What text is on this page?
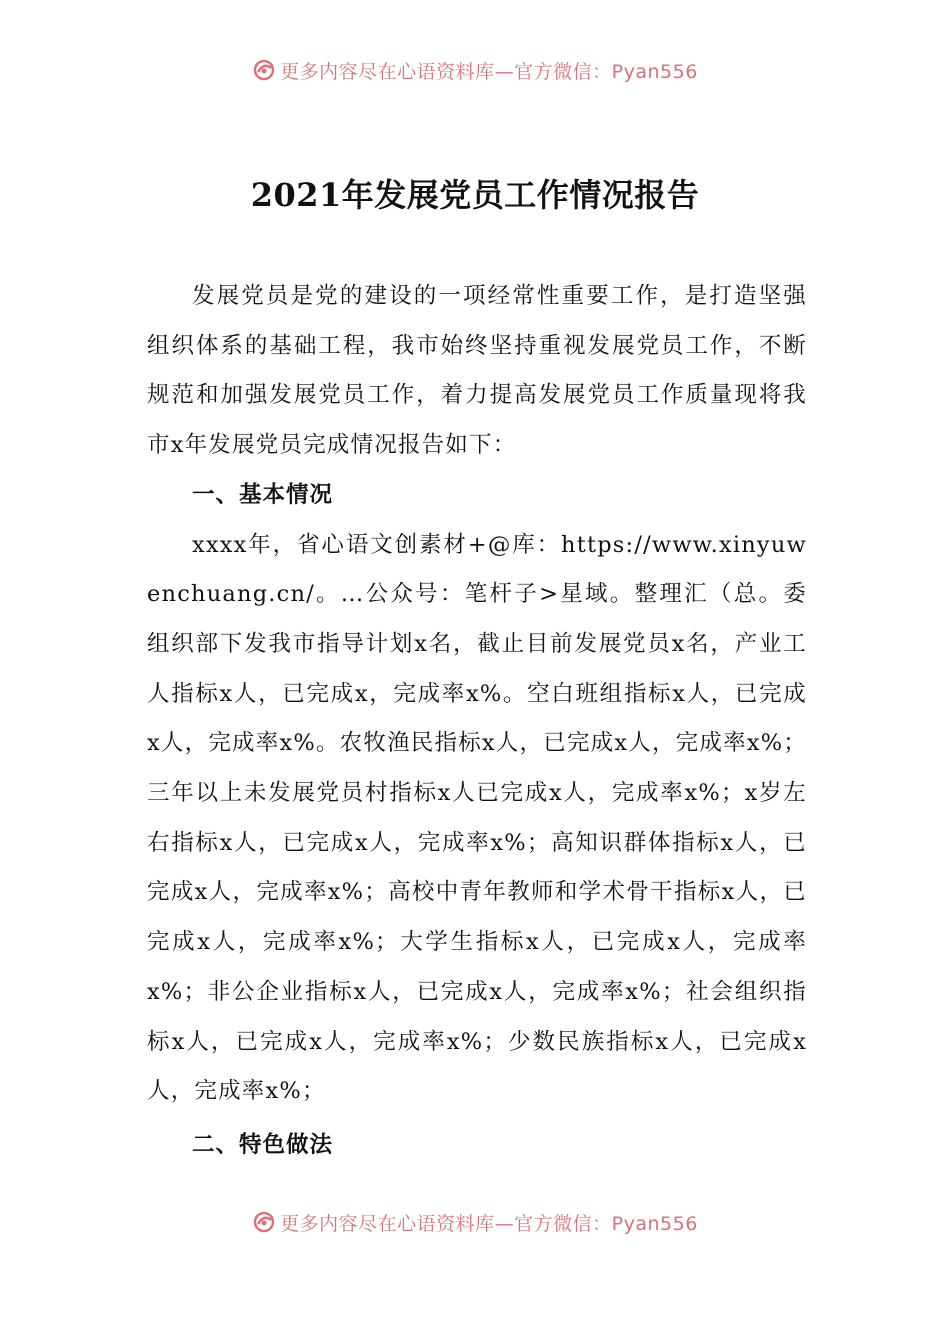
更多内容尽在心语资料库—官方微信：Pyan556
2021年发展党员工作情况报告

发展党员是党的建设的一项经常性重要工作，是打造坚强组织体系的基础工程，我市始终坚持重视发展党员工作，不断规范和加强发展党员工作，着力提高发展党员工作质量现将我市x年发展党员完成情况报告如下：

一、基本情况

xxxx年，省心语文创素材+@库：https://www.xinyuwenchuang.cn/。…公众号：笔杆子>星域。整理汇（总。委组织部下发我市指导计划x名，截止目前发展党员x名，产业工人指标x人，已完成x，完成率x%。空白班组指标x人，已完成x人，完成率x%。农牧渔民指标x人，已完成x人，完成率x%；三年以上未发展党员村指标x人已完成x人，完成率x%；x岁左右指标x人，已完成x人，完成率x%；高知识群体指标x人，已完成x人，完成率x%；高校中青年教师和学术骨干指标x人，已完成x人，完成率x%；大学生指标x人，已完成x人，完成率x%；非公企业指标x人，已完成x人，完成率x%；社会组织指标x人，已完成x人，完成率x%；少数民族指标x人，已完成x人，完成率x%；

二、特色做法

更多内容尽在心语资料库—官方微信：Pyan556
